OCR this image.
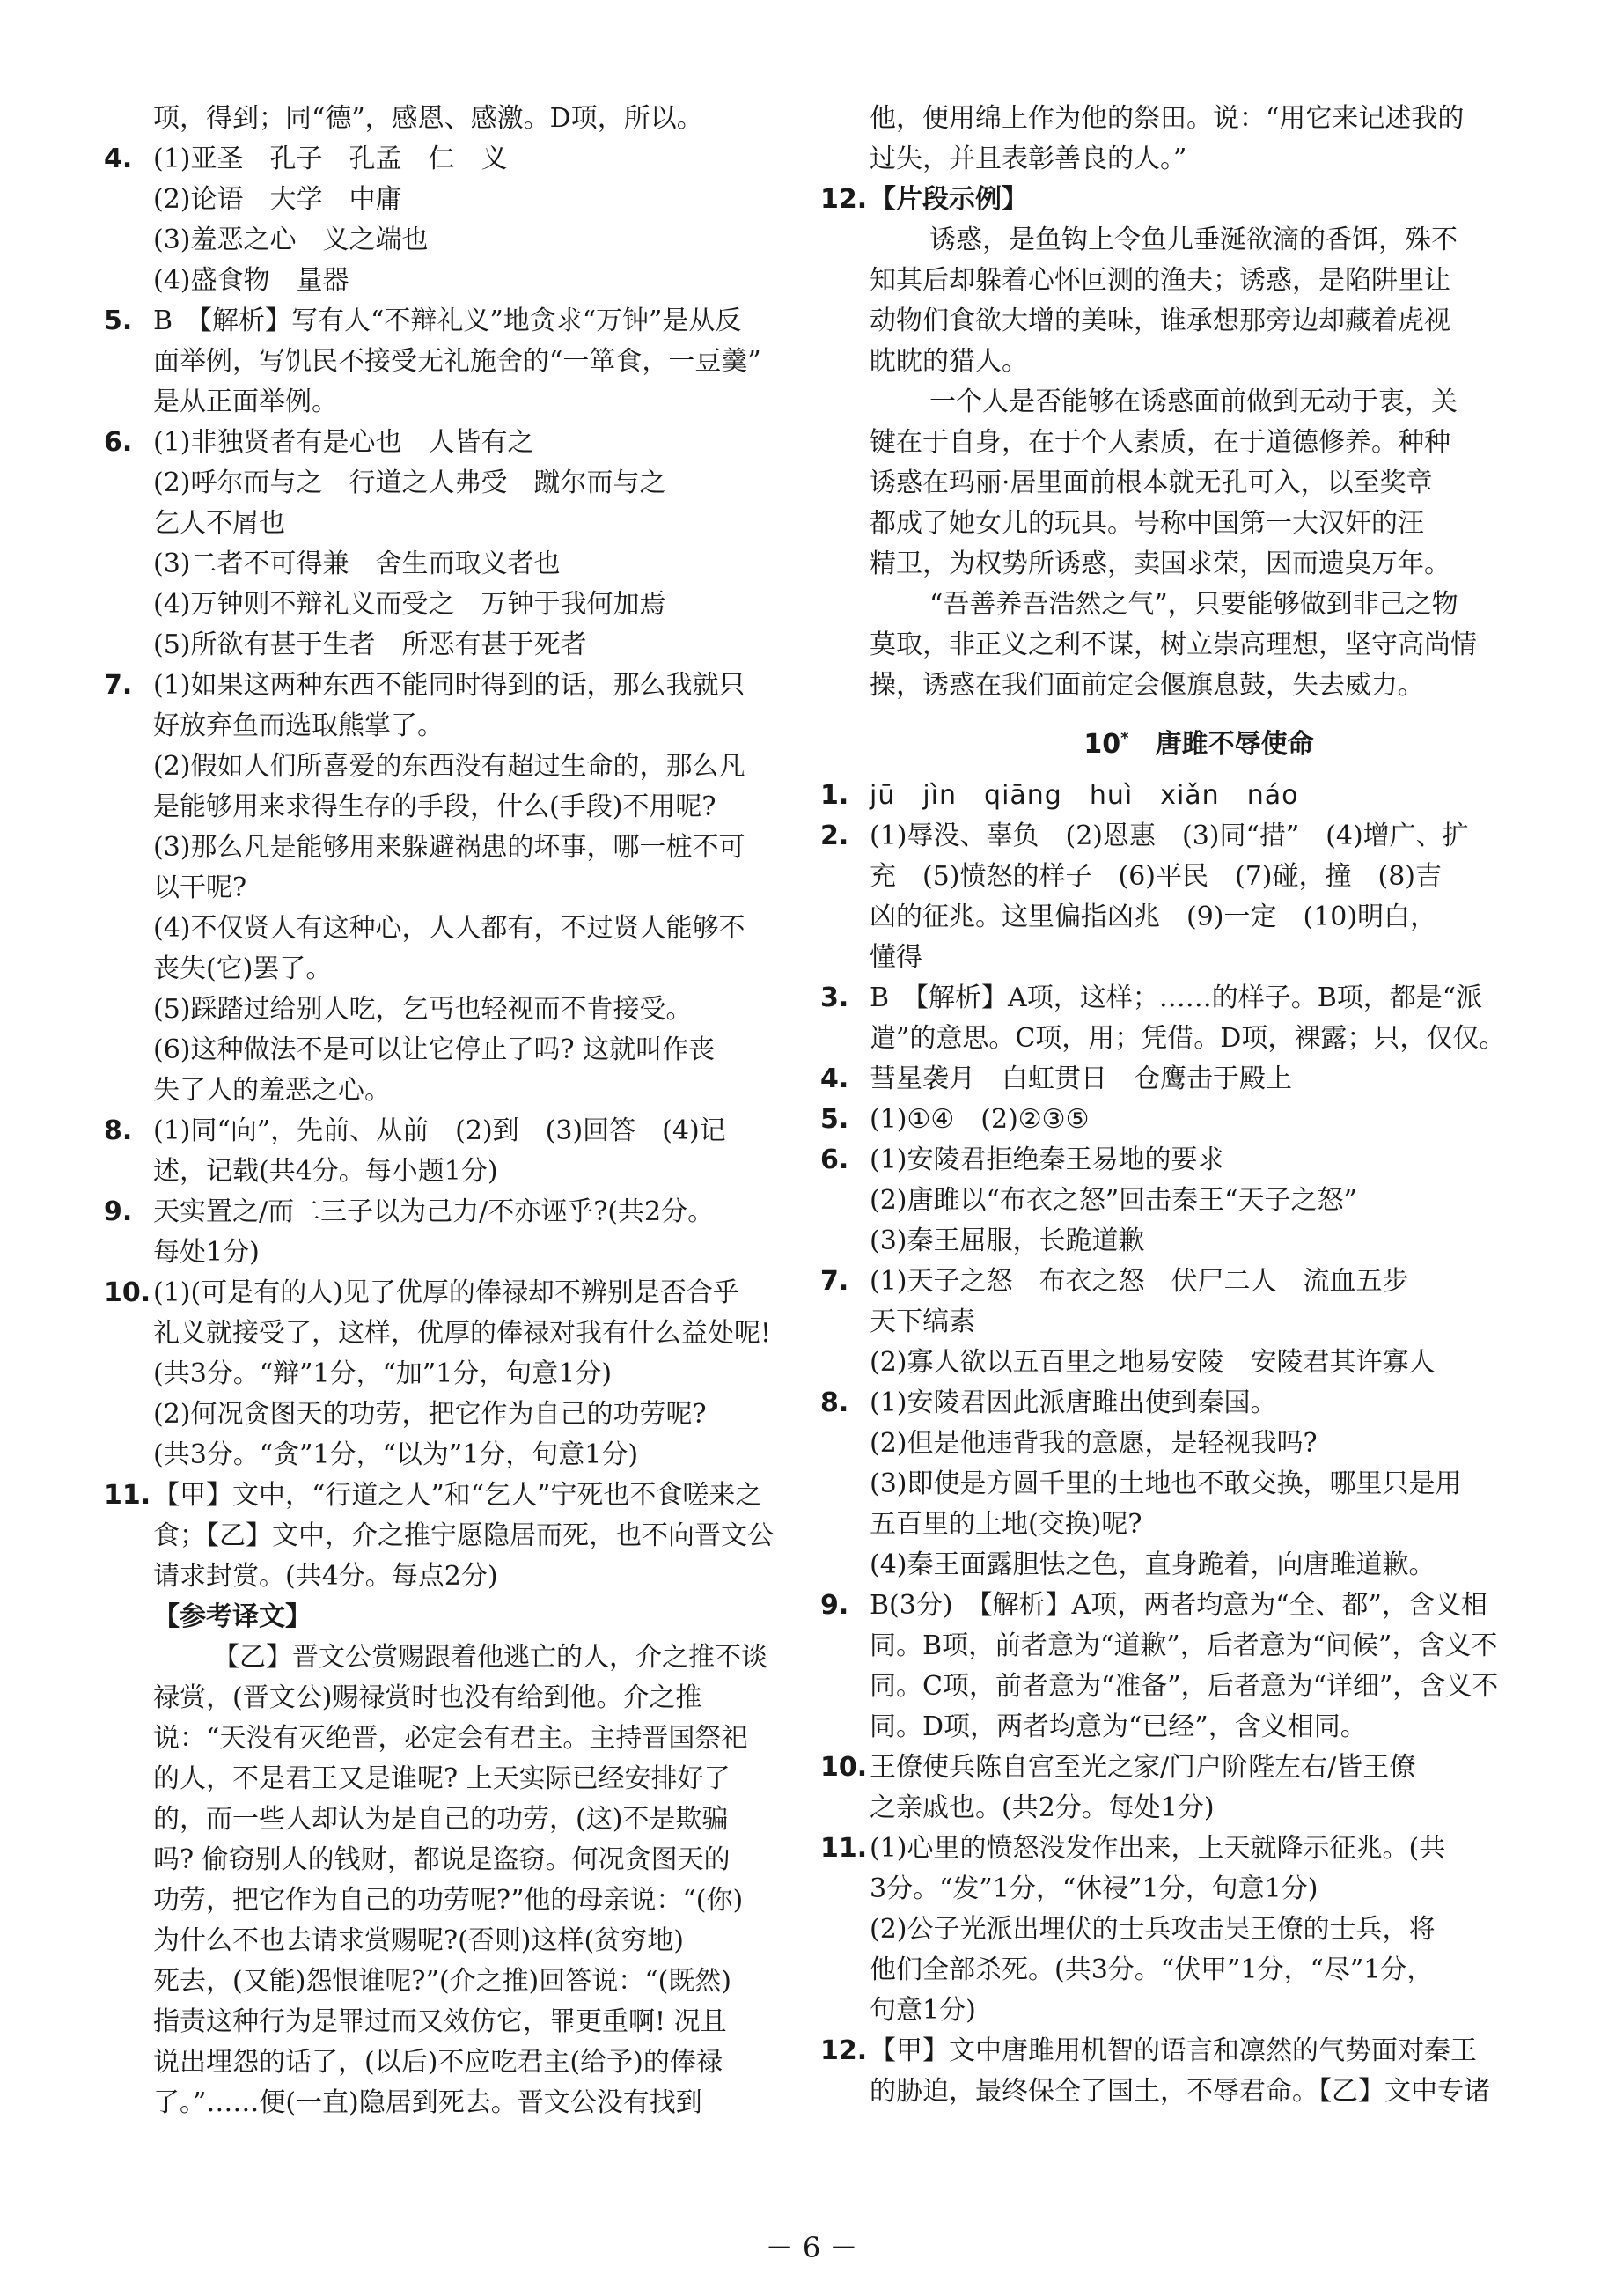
项，得到；同“德”，感恩、感激。D项，所以。
4. (1)亚圣　孔子　孔孟　仁　义
(2)论语　大学　中庸
(3)羞恶之心　义之端也
(4)盛食物　量器
5. B　【解析】写有人“不辩礼义”地贪求“万钟”是从反
面举例，写饥民不接受无礼施舍的“一箪食，一豆羹”
是从正面举例。
6. (1)非独贤者有是心也　人皆有之
(2)呼尔而与之　行道之人弗受　蹴尔而与之
乞人不屑也
(3)二者不可得兼　舍生而取义者也
(4)万钟则不辩礼义而受之　万钟于我何加焉
(5)所欲有甚于生者　所恶有甚于死者
7. (1)如果这两种东西不能同时得到的话，那么我就只
好放弃鱼而选取熊掌了。
(2)假如人们所喜爱的东西没有超过生命的，那么凡
是能够用来求得生存的手段，什么(手段)不用呢?
(3)那么凡是能够用来躲避祸患的坏事，哪一桩不可
以干呢?
(4)不仅贤人有这种心，人人都有，不过贤人能够不
丧失(它)罢了。
(5)踩踏过给别人吃，乞丐也轻视而不肯接受。
(6)这种做法不是可以让它停止了吗? 这就叫作丧
失了人的羞恶之心。
8. (1)同“向”，先前、从前　(2)到　(3)回答　(4)记
述，记载(共4分。每小题1分)
9. 天实置之/而二三子以为己力/不亦诬乎?(共2分。
每处1分)
10.(1)(可是有的人)见了优厚的俸禄却不辨别是否合乎
礼义就接受了，这样，优厚的俸禄对我有什么益处呢!
(共3分。“辩”1分，“加”1分，句意1分)
(2)何况贪图天的功劳，把它作为自己的功劳呢?
(共3分。“贪”1分，“以为”1分，句意1分)
11.【甲】文中，“行道之人”和“乞人”宁死也不食嗟来之
食；【乙】文中，介之推宁愿隐居而死，也不向晋文公
请求封赏。(共4分。每点2分)
【参考译文】
【乙】晋文公赏赐跟着他逃亡的人，介之推不谈
禄赏，(晋文公)赐禄赏时也没有给到他。介之推
说：“天没有灭绝晋，必定会有君主。主持晋国祭祀
的人，不是君王又是谁呢? 上天实际已经安排好了
的，而一些人却认为是自己的功劳，(这)不是欺骗
吗? 偷窃别人的钱财，都说是盗窃。何况贪图天的
功劳，把它作为自己的功劳呢?”他的母亲说：“(你)
为什么不也去请求赏赐呢?(否则)这样(贫穷地)
死去，(又能)怨恨谁呢?”(介之推)回答说：“(既然)
指责这种行为是罪过而又效仿它，罪更重啊! 况且
说出埋怨的话了，(以后)不应吃君主(给予)的俸禄
了。”……便(一直)隐居到死去。晋文公没有找到
他，便用绵上作为他的祭田。说：“用它来记述我的
过失，并且表彰善良的人。”
12.【片段示例】
诱惑，是鱼钩上令鱼儿垂涎欲滴的香饵，殊不
知其后却躲着心怀叵测的渔夫；诱惑，是陷阱里让
动物们食欲大增的美味，谁承想那旁边却藏着虎视
眈眈的猎人。
一个人是否能够在诱惑面前做到无动于衷，关
键在于自身，在于个人素质，在于道德修养。种种
诱惑在玛丽·居里面前根本就无孔可入，以至奖章
都成了她女儿的玩具。号称中国第一大汉奸的汪
精卫，为权势所诱惑，卖国求荣，因而遗臭万年。
“吾善养吾浩然之气”，只要能够做到非己之物
莫取，非正义之利不谋，树立崇高理想，坚守高尚情
操，诱惑在我们面前定会偃旗息鼓，失去威力。
10*　 唐雎不辱使命
1. jū　jìn　qiāng　huì　xiǎn　náo
2. (1)辱没、辜负　(2)恩惠　(3)同“措”　(4)增广、扩
充　(5)愤怒的样子　(6)平民　(7)碰，撞　(8)吉
凶的征兆。这里偏指凶兆　(9)一定　(10)明白，
懂得
3. B　【解析】A项，这样；……的样子。B项，都是“派
遣”的意思。C项，用；凭借。D项，裸露；只，仅仅。
4. 彗星袭月　白虹贯日　仓鹰击于殿上
5. (1)①④　(2)②③⑤
6. (1)安陵君拒绝秦王易地的要求
(2)唐雎以“布衣之怒”回击秦王“天子之怒”
(3)秦王屈服，长跪道歉
7. (1)天子之怒　布衣之怒　伏尸二人　流血五步
天下缟素
(2)寡人欲以五百里之地易安陵　安陵君其许寡人
8. (1)安陵君因此派唐雎出使到秦国。
(2)但是他违背我的意愿，是轻视我吗?
(3)即使是方圆千里的土地也不敢交换，哪里只是用
五百里的土地(交换)呢?
(4)秦王面露胆怯之色，直身跪着，向唐雎道歉。
9. B(3分)　【解析】A项，两者均意为“全、都”，含义相
同。B项，前者意为“道歉”，后者意为“问候”，含义不
同。C项，前者意为“准备”，后者意为“详细”，含义不
同。D项，两者均意为“已经”，含义相同。
10.王僚使兵陈自宫至光之家/门户阶陛左右/皆王僚
之亲戚也。(共2分。每处1分)
11.(1)心里的愤怒没发作出来，上天就降示征兆。(共
3分。“发”1分，“休祲”1分，句意1分)
(2)公子光派出埋伏的士兵攻击吴王僚的士兵，将
他们全部杀死。(共3分。“伏甲”1分，“尽”1分，
句意1分)
12.【甲】文中唐雎用机智的语言和凛然的气势面对秦王
的胁迫，最终保全了国土，不辱君命。【乙】文中专诸
－ 6 －
